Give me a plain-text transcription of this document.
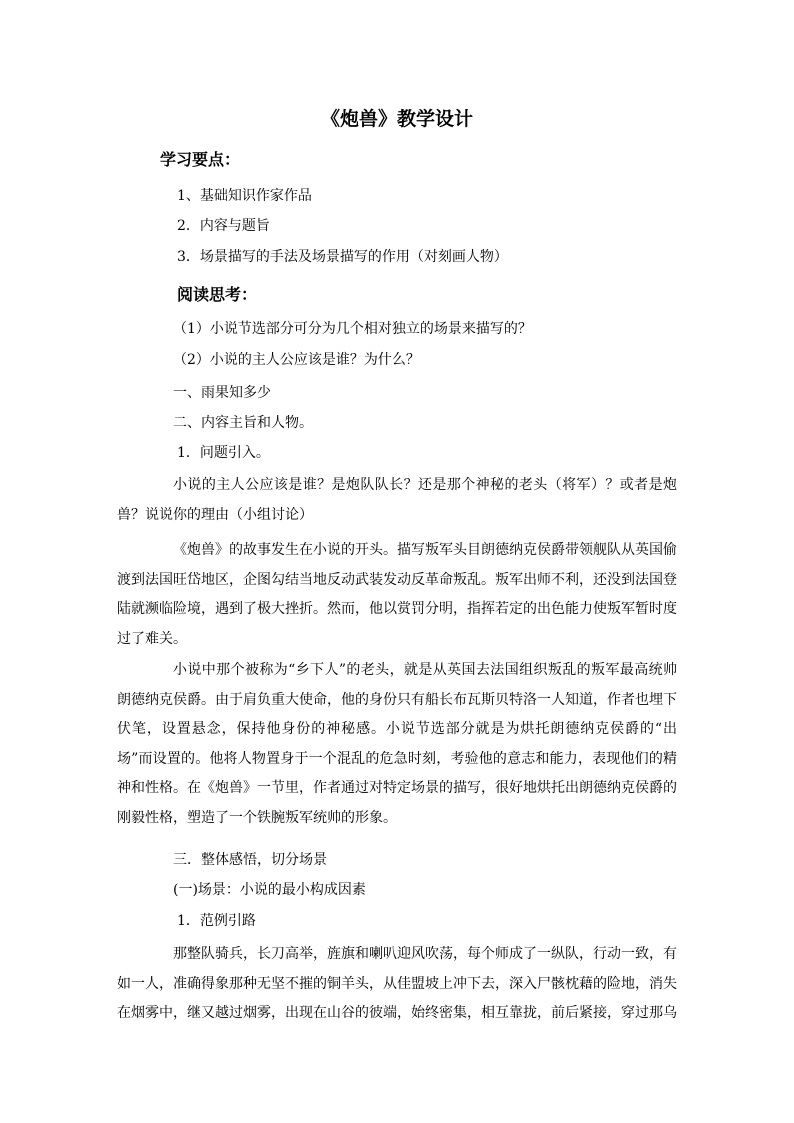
《炮兽》教学设计
学习要点：
1、基础知识作家作品
2．内容与题旨
3．场景描写的手法及场景描写的作用（对刻画人物）
阅读思考：
（1）小说节选部分可分为几个相对独立的场景来描写的？
（2）小说的主人公应该是谁？为什么？
一、雨果知多少
二、内容主旨和人物。
1．问题引入。
小说的主人公应该是谁？是炮队队长？还是那个神秘的老头（将军）？或者是炮兽？说说你的理由（小组讨论）
《炮兽》的故事发生在小说的开头。描写叛军头目朗德纳克侯爵带领舰队从英国偷渡到法国旺岱地区，企图勾结当地反动武装发动反革命叛乱。叛军出师不利，还没到法国登陆就濒临险境，遇到了极大挫折。然而，他以赏罚分明，指挥若定的出色能力使叛军暂时度过了难关。
小说中那个被称为“乡下人”的老头，就是从英国去法国组织叛乱的叛军最高统帅朗德纳克侯爵。由于肩负重大使命，他的身份只有船长布瓦斯贝特洛一人知道，作者也埋下伏笔，设置悬念，保持他身份的神秘感。小说节选部分就是为烘托朗德纳克侯爵的“出场”而设置的。他将人物置身于一个混乱的危急时刻，考验他的意志和能力，表现他们的精神和性格。在《炮兽》一节里，作者通过对特定场景的描写，很好地烘托出朗德纳克侯爵的刚毅性格，塑造了一个铁腕叛军统帅的形象。
三．整体感悟，切分场景
(一)场景：小说的最小构成因素
1．范例引路
那整队骑兵，长刀高举，旌旗和喇叭迎风吹荡，每个师成了一纵队，行动一致，有如一人，准确得象那种无坚不摧的铜羊头，从佳盟坡上冲下去，深入尸骸枕藉的险地，消失在烟雾中，继又越过烟雾，出现在山谷的彼端，始终密集，相互靠拢，前后紧接，穿过那乌
